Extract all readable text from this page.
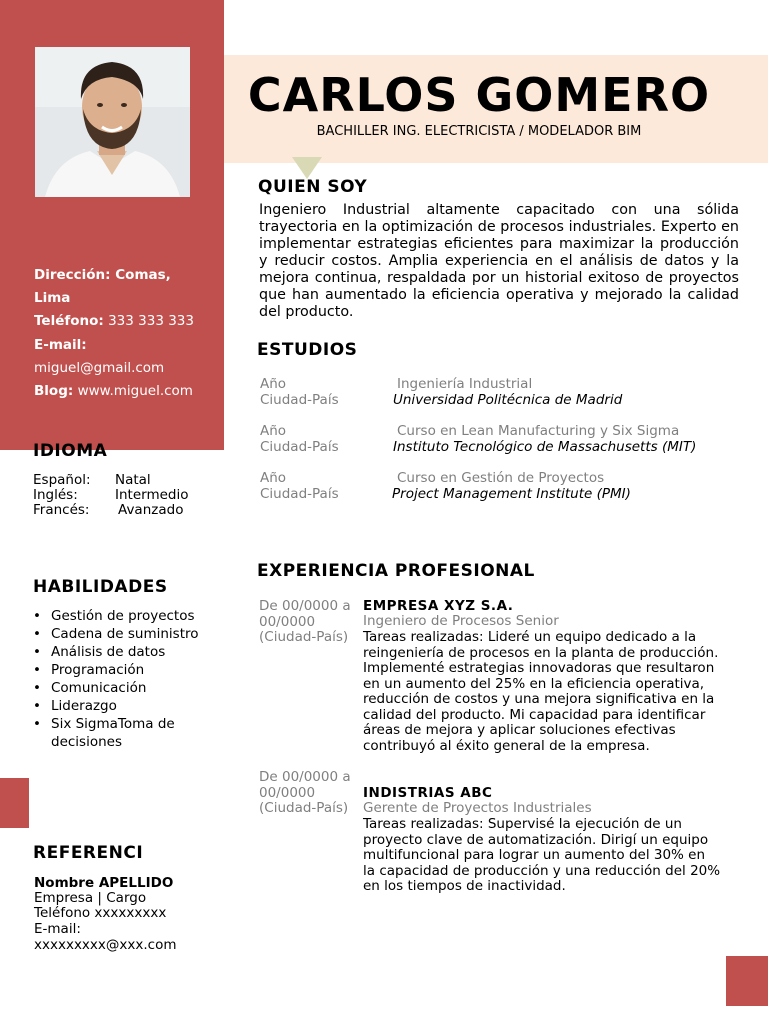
CARLOS GOMERO
BACHILLER ING. ELECTRICISTA / MODELADOR BIM
Dirección: Comas,
Lima
Teléfono: 333 333 333
E-mail:
miguel@gmail.com
Blog: www.miguel.com
IDIOMA
Español: Natal
Inglés:	Intermedio
Francés: Avanzado
HABILIDADES
• Gestión de proyectos
• Cadena de suministro
• Análisis de datos
• Programación
• Comunicación
• Liderazgo
• Six SigmaToma de decisiones
REFERENCI
Nombre APELLIDO
Empresa | Cargo
Teléfono xxxxxxxxx
E-mail:
xxxxxxxxx@xxx.com
QUIEN SOY
Ingeniero Industrial altamente capacitado con una sólida trayectoria en la optimización de procesos industriales. Experto en implementar estrategias eficientes para maximizar la producción y reducir costos. Amplia experiencia en el análisis de datos y la mejora continua, respaldada por un historial exitoso de proyectos que han aumentado la eficiencia operativa y mejorado la calidad del producto.
ESTUDIOS
Año
Ciudad-País
Ingeniería Industrial
Universidad Politécnica de Madrid
Año
Ciudad-País
Curso en Lean Manufacturing y Six Sigma
Instituto Tecnológico de Massachusetts (MIT)
Año
Ciudad-País
Curso en Gestión de Proyectos
Project Management Institute (PMI)
EXPERIENCIA PROFESIONAL
De 00/0000 a 00/0000 (Ciudad-País)
EMPRESA XYZ S.A.
Ingeniero de Procesos Senior
Tareas realizadas: Lideré un equipo dedicado a la reingeniería de procesos en la planta de producción. Implementé estrategias innovadoras que resultaron en un aumento del 25% en la eficiencia operativa, reducción de costos y una mejora significativa en la calidad del producto. Mi capacidad para identificar áreas de mejora y aplicar soluciones efectivas contribuyó al éxito general de la empresa.
De 00/0000 a 00/0000 (Ciudad-País)
INDISTRIAS ABC
Gerente de Proyectos Industriales
Tareas realizadas: Supervisé la ejecución de un proyecto clave de automatización. Dirigí un equipo multifuncional para lograr un aumento del 30% en la capacidad de producción y una reducción del 20% en los tiempos de inactividad.
